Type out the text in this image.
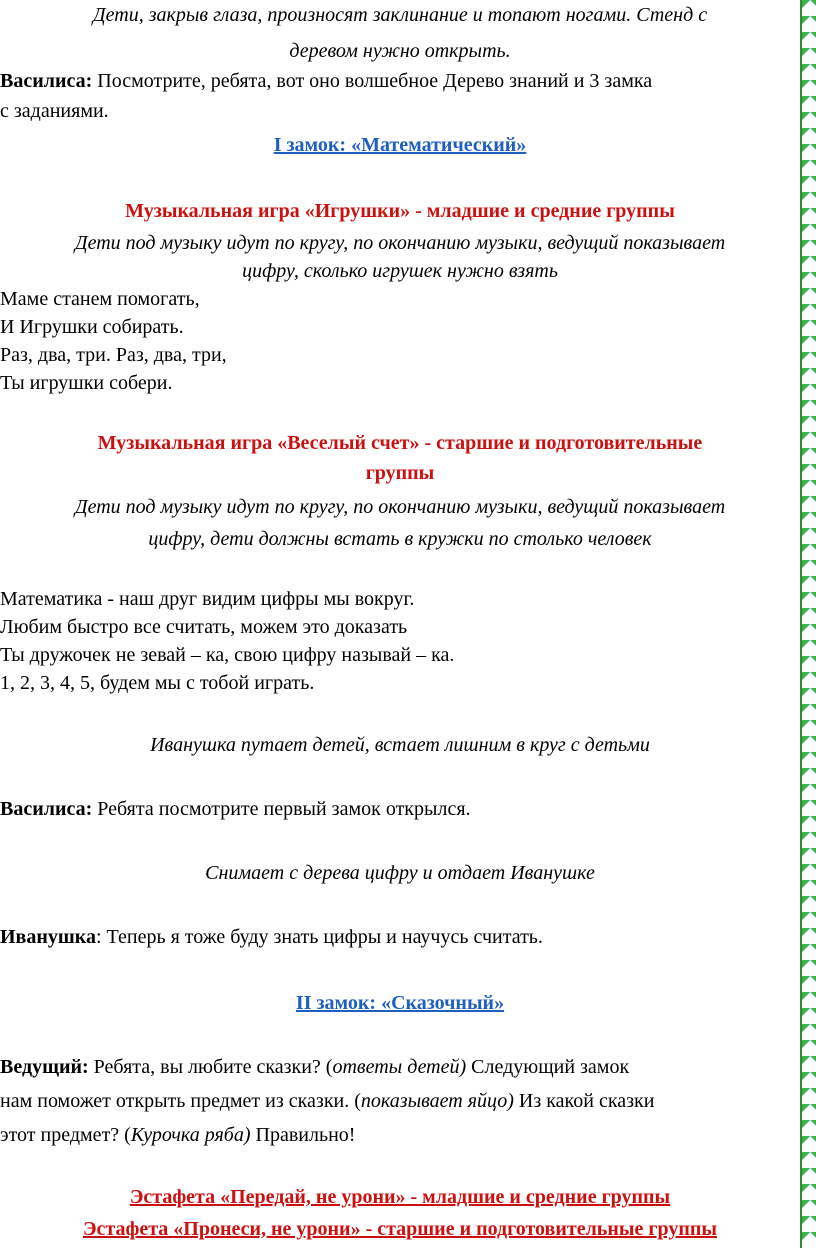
Дети, закрыв глаза, произносят заклинание и топают ногами. Стенд с
деревом нужно открыть.
Василиса: Посмотрите, ребята, вот оно волшебное Дерево знаний и 3 замка
с заданиями.
I замок: «Математический»
Музыкальная игра «Игрушки» - младшие и средние группы
Дети под музыку идут по кругу, по окончанию музыки, ведущий показывает
цифру, сколько игрушек нужно взять
Маме станем помогать,
И Игрушки собирать.
Раз, два, три. Раз, два, три,
Ты игрушки собери.
Музыкальная игра «Веселый счет» - старшие и подготовительные
группы
Дети под музыку идут по кругу, по окончанию музыки, ведущий показывает
цифру, дети должны встать в кружки по столько человек
Математика - наш друг видим цифры мы вокруг.
Любим быстро все считать, можем это доказать
Ты дружочек не зевай – ка, свою цифру называй – ка.
1, 2, 3, 4, 5, будем мы с тобой играть.
Иванушка путает детей, встает лишним в круг с детьми
Василиса: Ребята посмотрите первый замок открылся.
Снимает с дерева цифру и отдает Иванушке
Иванушка: Теперь я тоже буду знать цифры и научусь считать.
II замок: «Сказочный»
Ведущий: Ребята, вы любите сказки? (ответы детей) Следующий замок
нам поможет открыть предмет из сказки. (показывает яйцо) Из какой сказки
этот предмет? (Курочка ряба) Правильно!
Эстафета «Передай, не урони» - младшие и средние группы
Эстафета «Пронеси, не урони» - старшие и подготовительные группы
